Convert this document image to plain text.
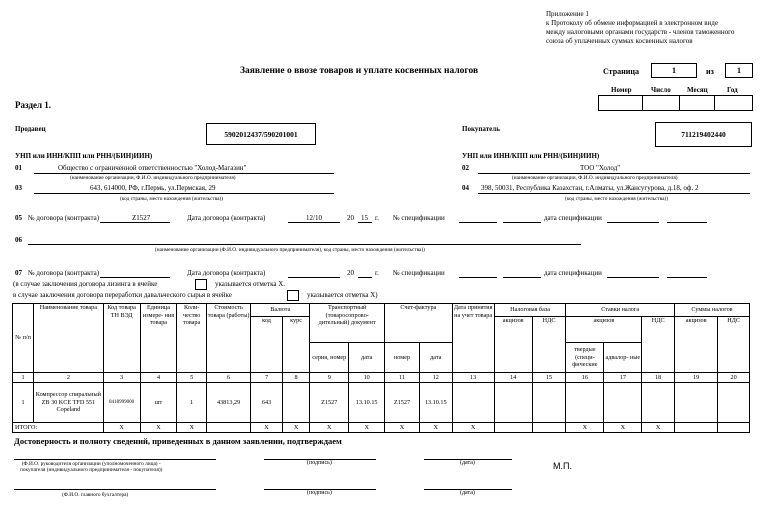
Приложение 1
к Протоколу об обмене информацией в электронном виде
между налоговыми органами государств - членов таможенного
союза об уплаченных суммах косвенных налогов
Заявление о ввозе товаров и уплате косвенных налогов	Страница	1	из	1
Номер	Число Месяц	Год
Раздел 1.
Продавец
5902012437/590201001
УНП или ИНН/КПП или РНН/(БИН)ИИН)
01	Общество с ограниченной ответственностью "Холод-Магазин"
(наименование организации, Ф.И.О. индивидуального предпринимателя)
03	643, 614000, РФ, г.Пермь, ул.Пермская, 29
(код страны, место нахождения (жительства))
Покупатель
711219402440
УНП или ИНН/КПП или РНН/(БИН)ИИН)
02	ТОО "Холод"
(наименование организации, Ф.И.О. индивидуального предпринимателя)
04 398, 50031, Республика Казахстан, г.Алматы, ул.Жансугурова, д.18, оф. 2
(код страны, место нахождения (жительства))
05 № договора (контракта)	Z1527	Дата договора (контракта)	12/10	20 15 г. № спецификации	дата спецификации
06
(наименование организации (Ф.И.О. индивидуального предпринимателя), код страны, место нахождения (жительства))
07 № договора (контракта)	Дата договора (контракта)	20	г. № спецификации	дата спецификации
(в случае заключения договора лизинга в ячейке	указывается отметка X.
в случае заключения договора переработки давальческого сырья в ячейке	указывается отметка X)
№ п/п	Наименование товара	Код товара ТН ВЭД	Единица измере- ния товара	Коли- чество товара	Стоимость товара (работы)	Валюта		Транспортный (товаросопрово- дительный) документ		Счет-фактура		Дата принятия на учет товара	Налоговая база		Ставки налога			Суммы налогов	
						код	курс						акцизов	НДС	акцизов		НДС	акцизов	НДС
								серия, номер	дата	номер	дата				твердые (специ- фические	адвалор- ные			
1	2	3	4	5	6	7	8	9	10	11	12	13	14	15	16	17	18	19	20
1	Компрессор спиральный ZB 30 KCE TFD 551 Copeland	8418999000	шт	1	43813,29	643		Z1527	13.10.15	Z1527	13.10.15								
ИТОГО:		X	X	X		X	X	X	X	X	X	X			X	X	X		
Достоверность и полноту сведений, приведенных в данном заявлении, подтверждаем
(Ф.И.О. руководителя организации (уполномоченного лица) -
покупателя (индивидуального предпринимателя - покупателя))
(подпись)	(дата)	М.П.
(Ф.И.О. главного бухгалтера)	(подпись)	(дата)
